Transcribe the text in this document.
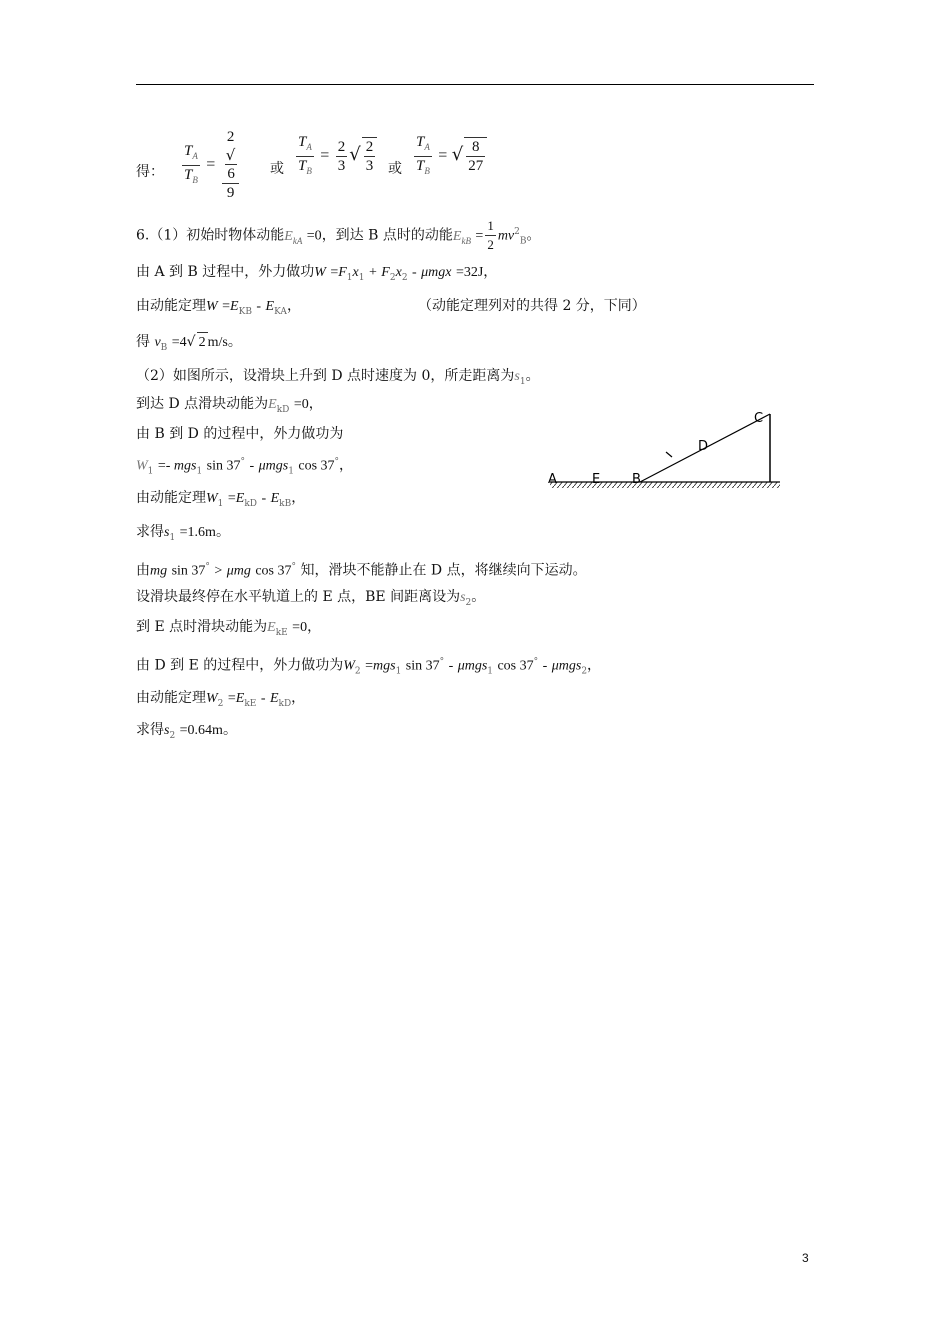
得： $\frac{T_A}{T_B} = 2$
√
6
9 或 $\frac{T_A}{T_B} = \frac{2}{3}$ √ $\frac{2}{3}$ 或 $\frac{T_A}{T_B}$ = √ $\frac{8}{27}$
6.（1）初始时物体动能$E_{kA} =0$，到达 B 点时的动能$E_{kB} = \frac{1}{2} mv^2_B$。
由 A 到 B 过程中，外力做功$W =F_1x_1 + F_2x_2 - \mu mgx =32J$，
由动能定理$W =E_{KB} - E_{KA}$，	（动能定理列对的共得 2 分，下同）
得 $v_B =4√$ 2 m/s。
（2）如图所示，设滑块上升到 D 点时速度为 0，所走距离为$s_1$。
到达 D 点滑块动能为$E_{kD} =0$，
由 B 到 D 的过程中，外力做功为
$W_1 =- mgs_1$ sin 37° - μmgs$_1$ cos 37°，
由动能定理$W_1 =E_{kD} - E_{kB}$，
求得$s_1 =1.6m$。
由mg sin 37° > μmg cos 37° 知，滑块不能静止在 D 点，将继续向下运动。
设滑块最终停在水平轨道上的 E 点，BE 间距离设为$s_2$。
到 E 点时滑块动能为$E_{kE} =0$，
由 D 到 E 的过程中，外力做功为$W_2 =mgs_1$ sin 37° - μmgs$_1$ cos 37° - μmgs$_2$，
由动能定理$W_2 =E_{kE} - E_{kD}$，
求得$s_2 =0.64m$。
A	E B
D
C
3
